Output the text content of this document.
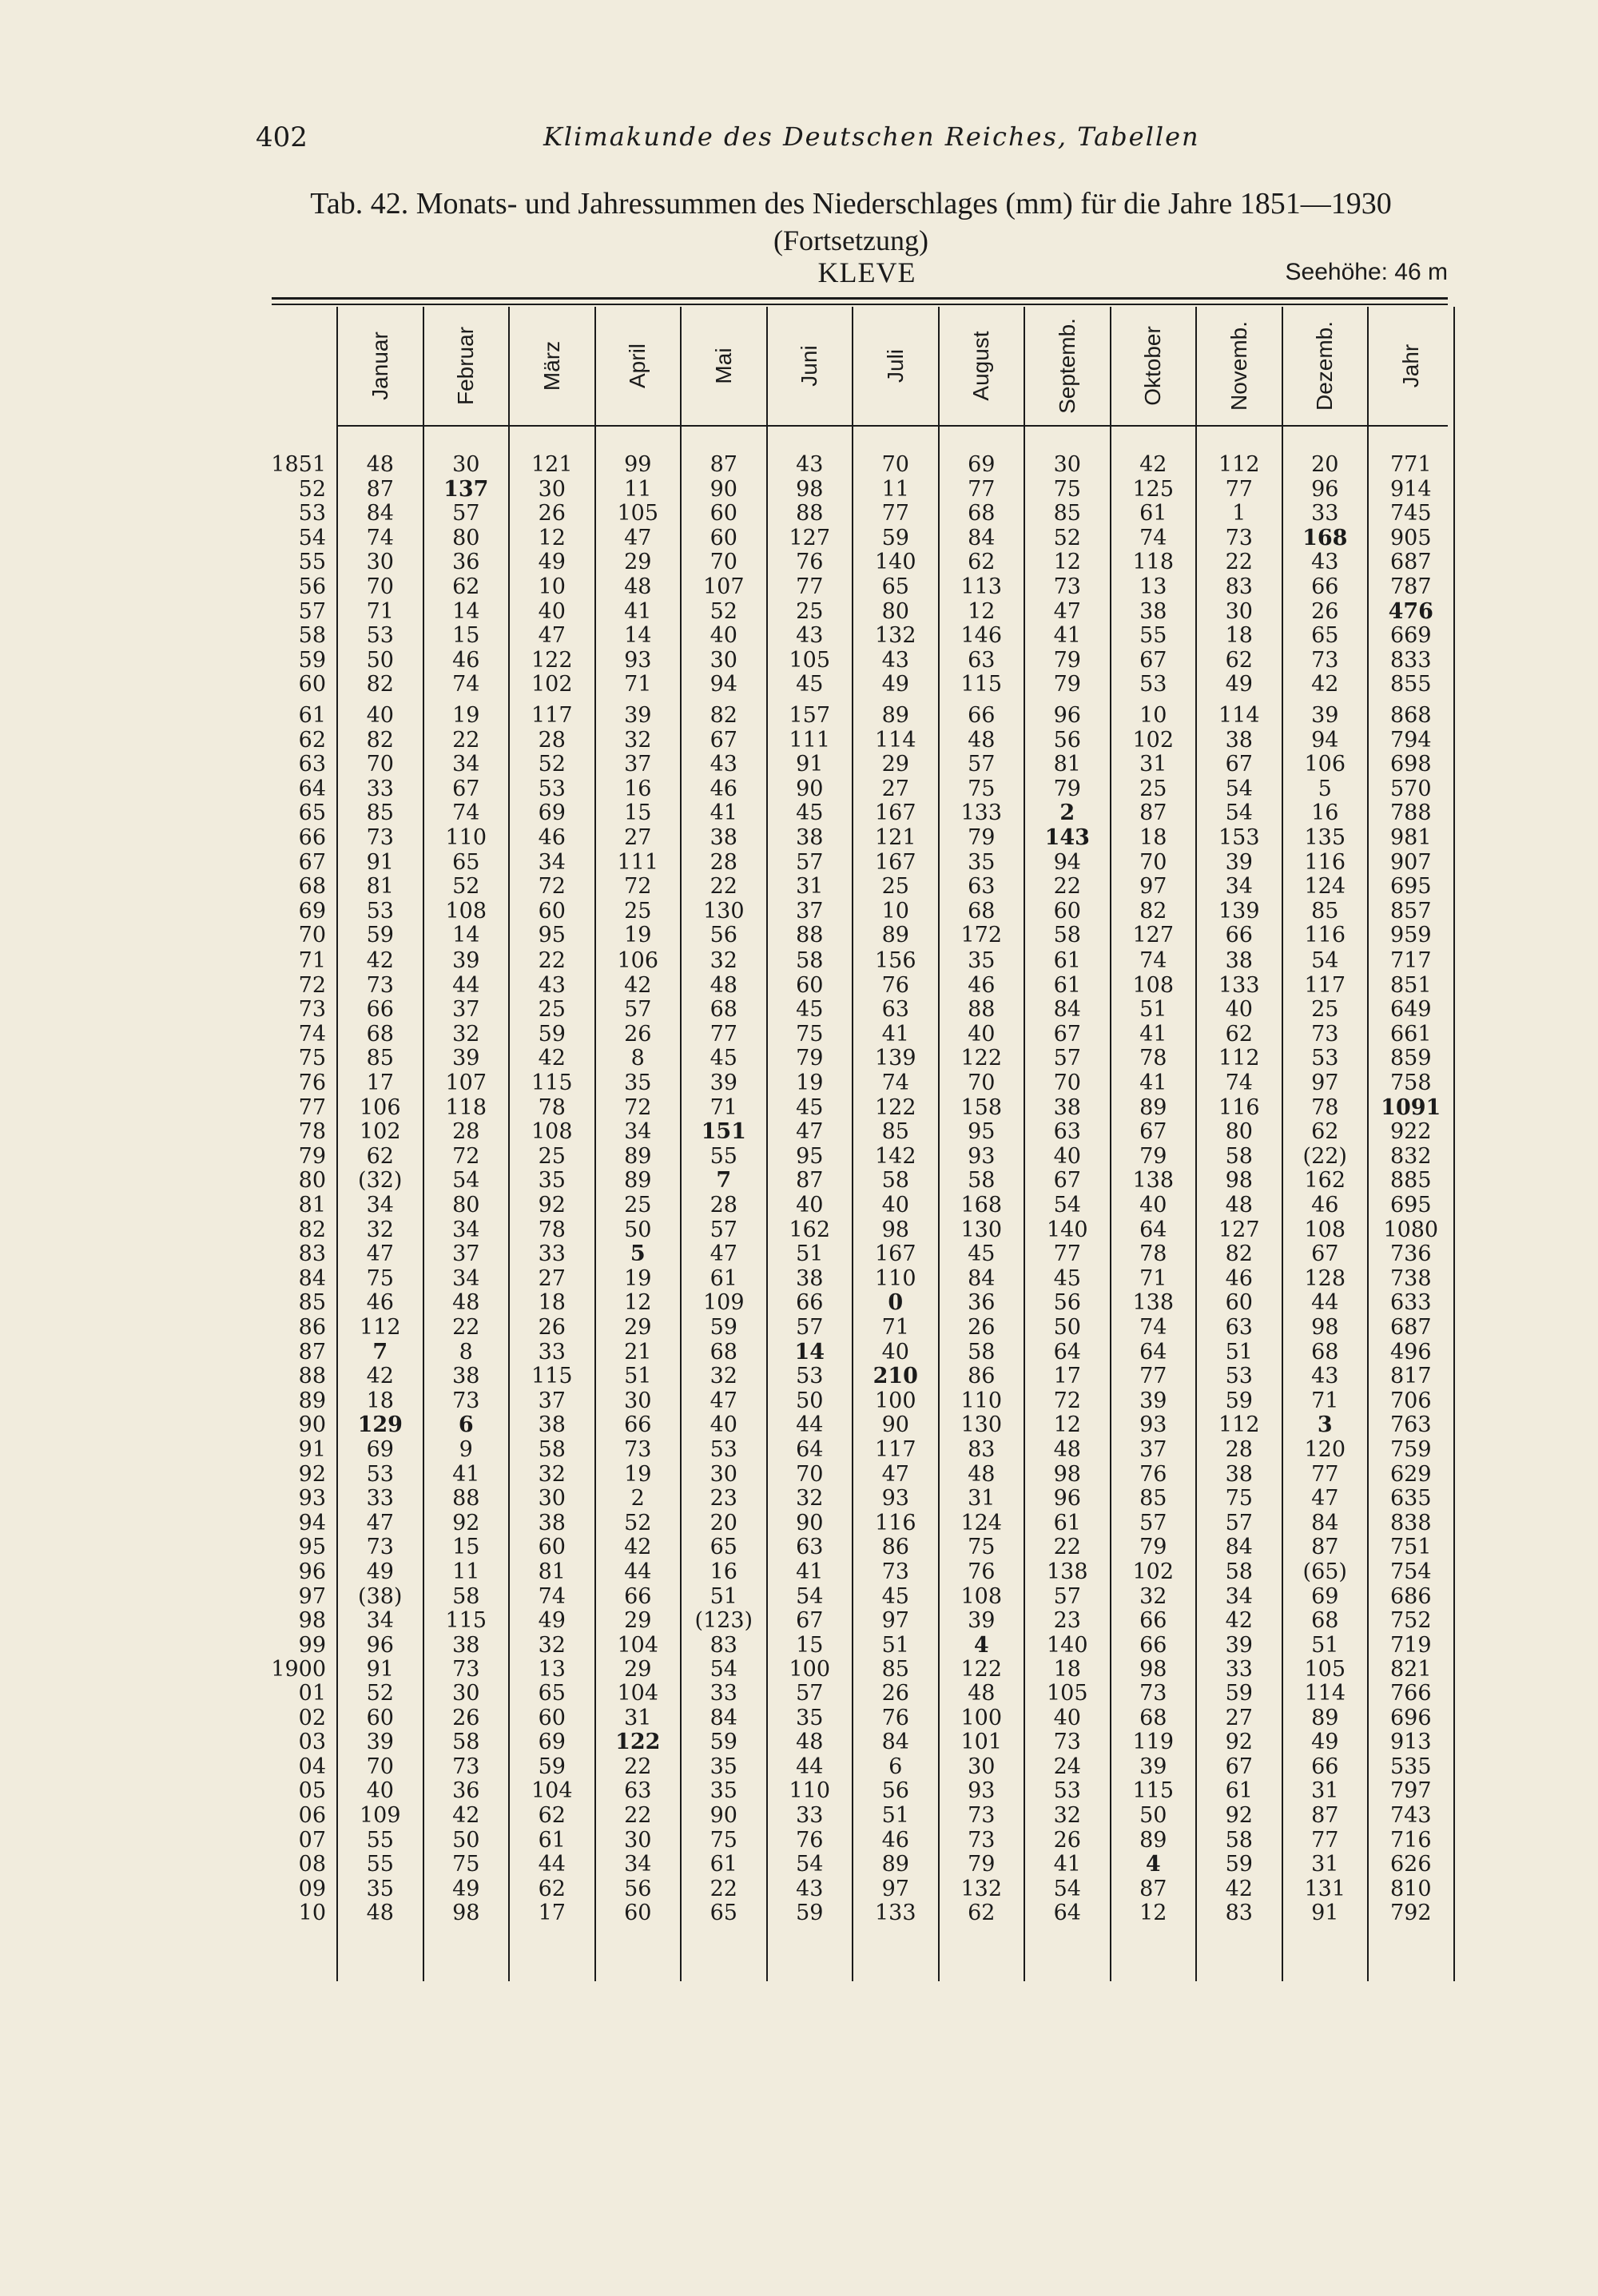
402	Klimakunde des Deutschen Reiches, Tabellen
Tab. 42. Monats- und Jahressummen des Niederschlages (mm) für die Jahre 1851—1930
(Fortsetzung)
KLEVE	Seehöhe: 46 m
Januar	Februar	März	April	Mai	Juni	Juli	August	Septemb.	Oktober	Novemb.	Dezemb.	Jahr
1851	48	30	121	99	87	43	70	69	30	42	112	20	771
52	87	137	30	11	90	98	11	77	75	125	77	96	914
53	84	57	26	105	60	88	77	68	85	61	1	33	745
54	74	80	12	47	60	127	59	84	52	74	73	168	905
55	30	36	49	29	70	76	140	62	12	118	22	43	687
56	70	62	10	48	107	77	65	113	73	13	83	66	787
57	71	14	40	41	52	25	80	12	47	38	30	26	476
58	53	15	47	14	40	43	132	146	41	55	18	65	669
59	50	46	122	93	30	105	43	63	79	67	62	73	833
60	82	74	102	71	94	45	49	115	79	53	49	42	855
61	40	19	117	39	82	157	89	66	96	10	114	39	868
62	82	22	28	32	67	111	114	48	56	102	38	94	794
63	70	34	52	37	43	91	29	57	81	31	67	106	698
64	33	67	53	16	46	90	27	75	79	25	54	5	570
65	85	74	69	15	41	45	167	133	2	87	54	16	788
66	73	110	46	27	38	38	121	79	143	18	153	135	981
67	91	65	34	111	28	57	167	35	94	70	39	116	907
68	81	52	72	72	22	31	25	63	22	97	34	124	695
69	53	108	60	25	130	37	10	68	60	82	139	85	857
70	59	14	95	19	56	88	89	172	58	127	66	116	959
71	42	39	22	106	32	58	156	35	61	74	38	54	717
72	73	44	43	42	48	60	76	46	61	108	133	117	851
73	66	37	25	57	68	45	63	88	84	51	40	25	649
74	68	32	59	26	77	75	41	40	67	41	62	73	661
75	85	39	42	8	45	79	139	122	57	78	112	53	859
76	17	107	115	35	39	19	74	70	70	41	74	97	758
77	106	118	78	72	71	45	122	158	38	89	116	78	1091
78	102	28	108	34	151	47	85	95	63	67	80	62	922
79	62	72	25	89	55	95	142	93	40	79	58	(22)	832
80	(32)	54	35	89	7	87	58	58	67	138	98	162	885
81	34	80	92	25	28	40	40	168	54	40	48	46	695
82	32	34	78	50	57	162	98	130	140	64	127	108	1080
83	47	37	33	5	47	51	167	45	77	78	82	67	736
84	75	34	27	19	61	38	110	84	45	71	46	128	738
85	46	48	18	12	109	66	0	36	56	138	60	44	633
86	112	22	26	29	59	57	71	26	50	74	63	98	687
87	7	8	33	21	68	14	40	58	64	64	51	68	496
88	42	38	115	51	32	53	210	86	17	77	53	43	817
89	18	73	37	30	47	50	100	110	72	39	59	71	706
90	129	6	38	66	40	44	90	130	12	93	112	3	763
91	69	9	58	73	53	64	117	83	48	37	28	120	759
92	53	41	32	19	30	70	47	48	98	76	38	77	629
93	33	88	30	2	23	32	93	31	96	85	75	47	635
94	47	92	38	52	20	90	116	124	61	57	57	84	838
95	73	15	60	42	65	63	86	75	22	79	84	87	751
96	49	11	81	44	16	41	73	76	138	102	58	(65)	754
97	(38)	58	74	66	51	54	45	108	57	32	34	69	686
98	34	115	49	29	(123)	67	97	39	23	66	42	68	752
99	96	38	32	104	83	15	51	4	140	66	39	51	719
1900	91	73	13	29	54	100	85	122	18	98	33	105	821
01	52	30	65	104	33	57	26	48	105	73	59	114	766
02	60	26	60	31	84	35	76	100	40	68	27	89	696
03	39	58	69	122	59	48	84	101	73	119	92	49	913
04	70	73	59	22	35	44	6	30	24	39	67	66	535
05	40	36	104	63	35	110	56	93	53	115	61	31	797
06	109	42	62	22	90	33	51	73	32	50	92	87	743
07	55	50	61	30	75	76	46	73	26	89	58	77	716
08	55	75	44	34	61	54	89	79	41	4	59	31	626
09	35	49	62	56	22	43	97	132	54	87	42	131	810
10	48	98	17	60	65	59	133	62	64	12	83	91	792
